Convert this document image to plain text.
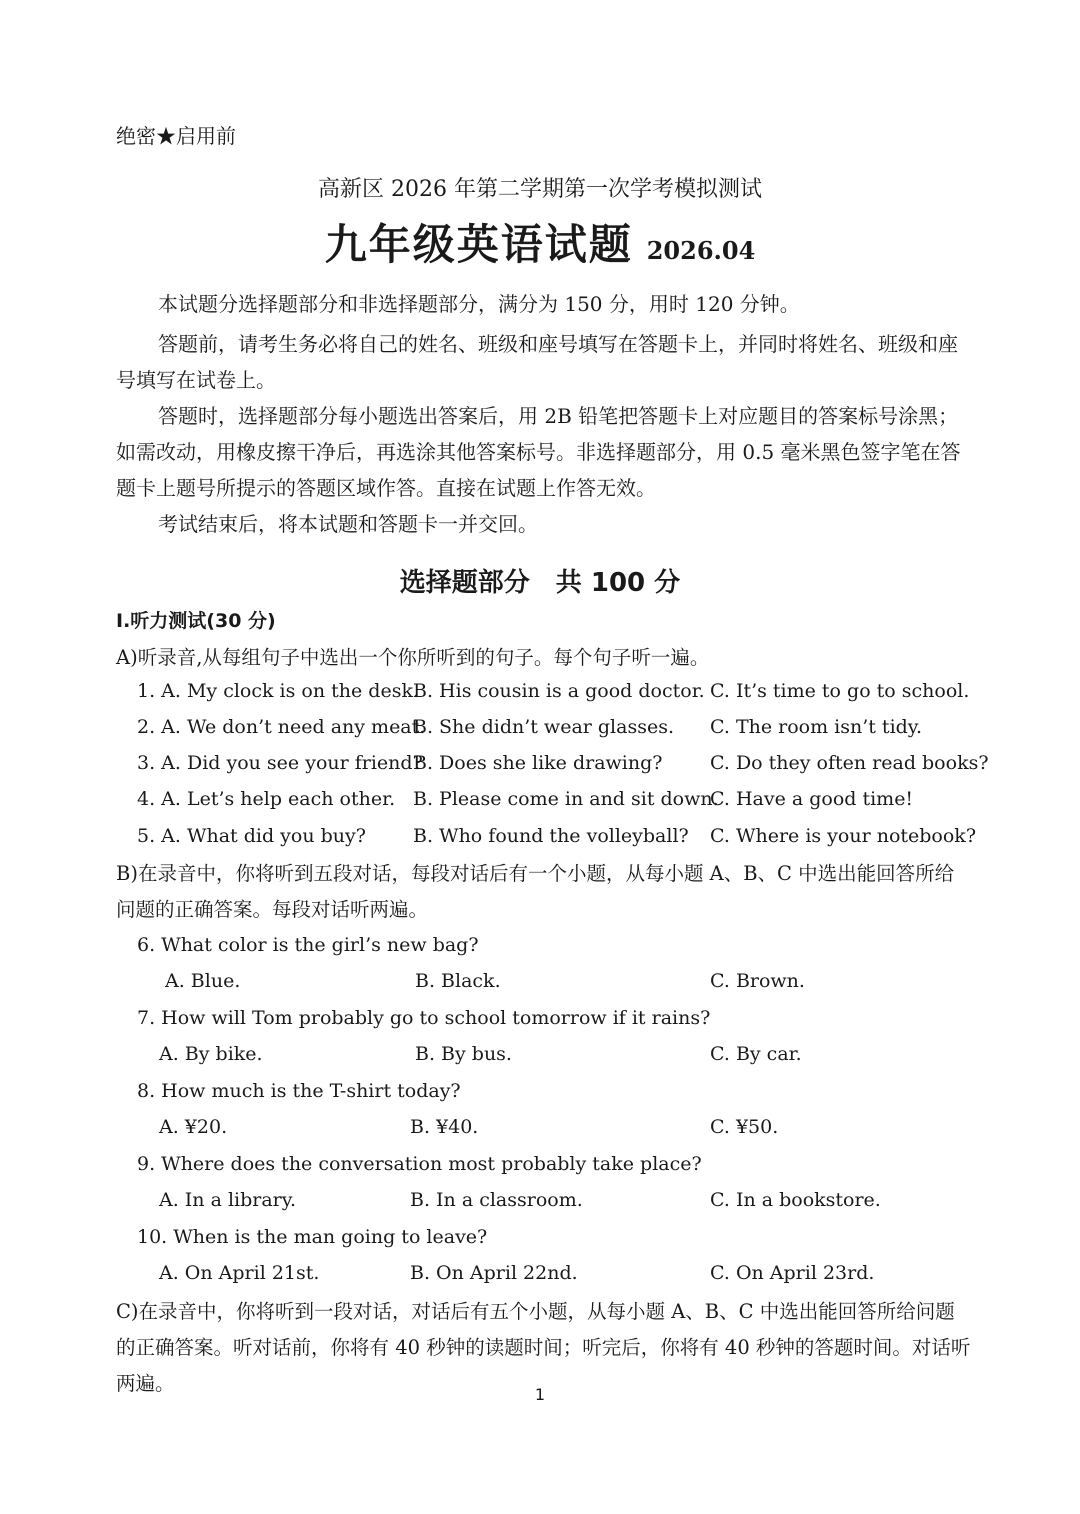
绝密★启用前
高新区 2026 年第二学期第一次学考模拟测试
九年级英语试题 2026.04
本试题分选择题部分和非选择题部分，满分为 150 分，用时 120 分钟。
答题前，请考生务必将自己的姓名、班级和座号填写在答题卡上，并同时将姓名、班级和座号填写在试卷上。
答题时，选择题部分每小题选出答案后，用 2B 铅笔把答题卡上对应题目的答案标号涂黑；如需改动，用橡皮擦干净后，再选涂其他答案标号。非选择题部分，用 0.5 毫米黑色签字笔在答题卡上题号所提示的答题区域作答。直接在试题上作答无效。
考试结束后，将本试题和答题卡一并交回。
选择题部分　共 100 分
I.听力测试(30 分)
A)听录音,从每组句子中选出一个你所听到的句子。每个句子听一遍。
1. A. My clock is on the desk.
B. His cousin is a good doctor. C. It’s time to go to school.
2. A. We don’t need any meat.
B. She didn’t wear glasses. C. The room isn’t tidy.
3. A. Did you see your friend?
B. Does she like drawing?	C. Do they often read books?
4. A. Let’s help each other. B. Please come in and sit down.
C. Have a good time!
5. A. What did you buy? B. Who found the volleyball? C. Where is your notebook?
B)在录音中，你将听到五段对话，每段对话后有一个小题，从每小题 A、B、C 中选出能回答所给问题的正确答案。每段对话听两遍。
6. What color is the girl’s new bag?
A. Blue.	B. Black.	C. Brown.
7. How will Tom probably go to school tomorrow if it rains?
A. By bike.	B. By bus.	C. By car.
8. How much is the T-shirt today?
A. ¥20.	B. ¥40.	C. ¥50.
9. Where does the conversation most probably take place?
A. In a library.	B. In a classroom.	C. In a bookstore.
10. When is the man going to leave?
A. On April 21st.	B. On April 22nd.	C. On April 23rd.
C)在录音中，你将听到一段对话，对话后有五个小题，从每小题 A、B、C 中选出能回答所给问题的正确答案。听对话前，你将有 40 秒钟的读题时间；听完后，你将有 40 秒钟的答题时间。对话听两遍。	1
